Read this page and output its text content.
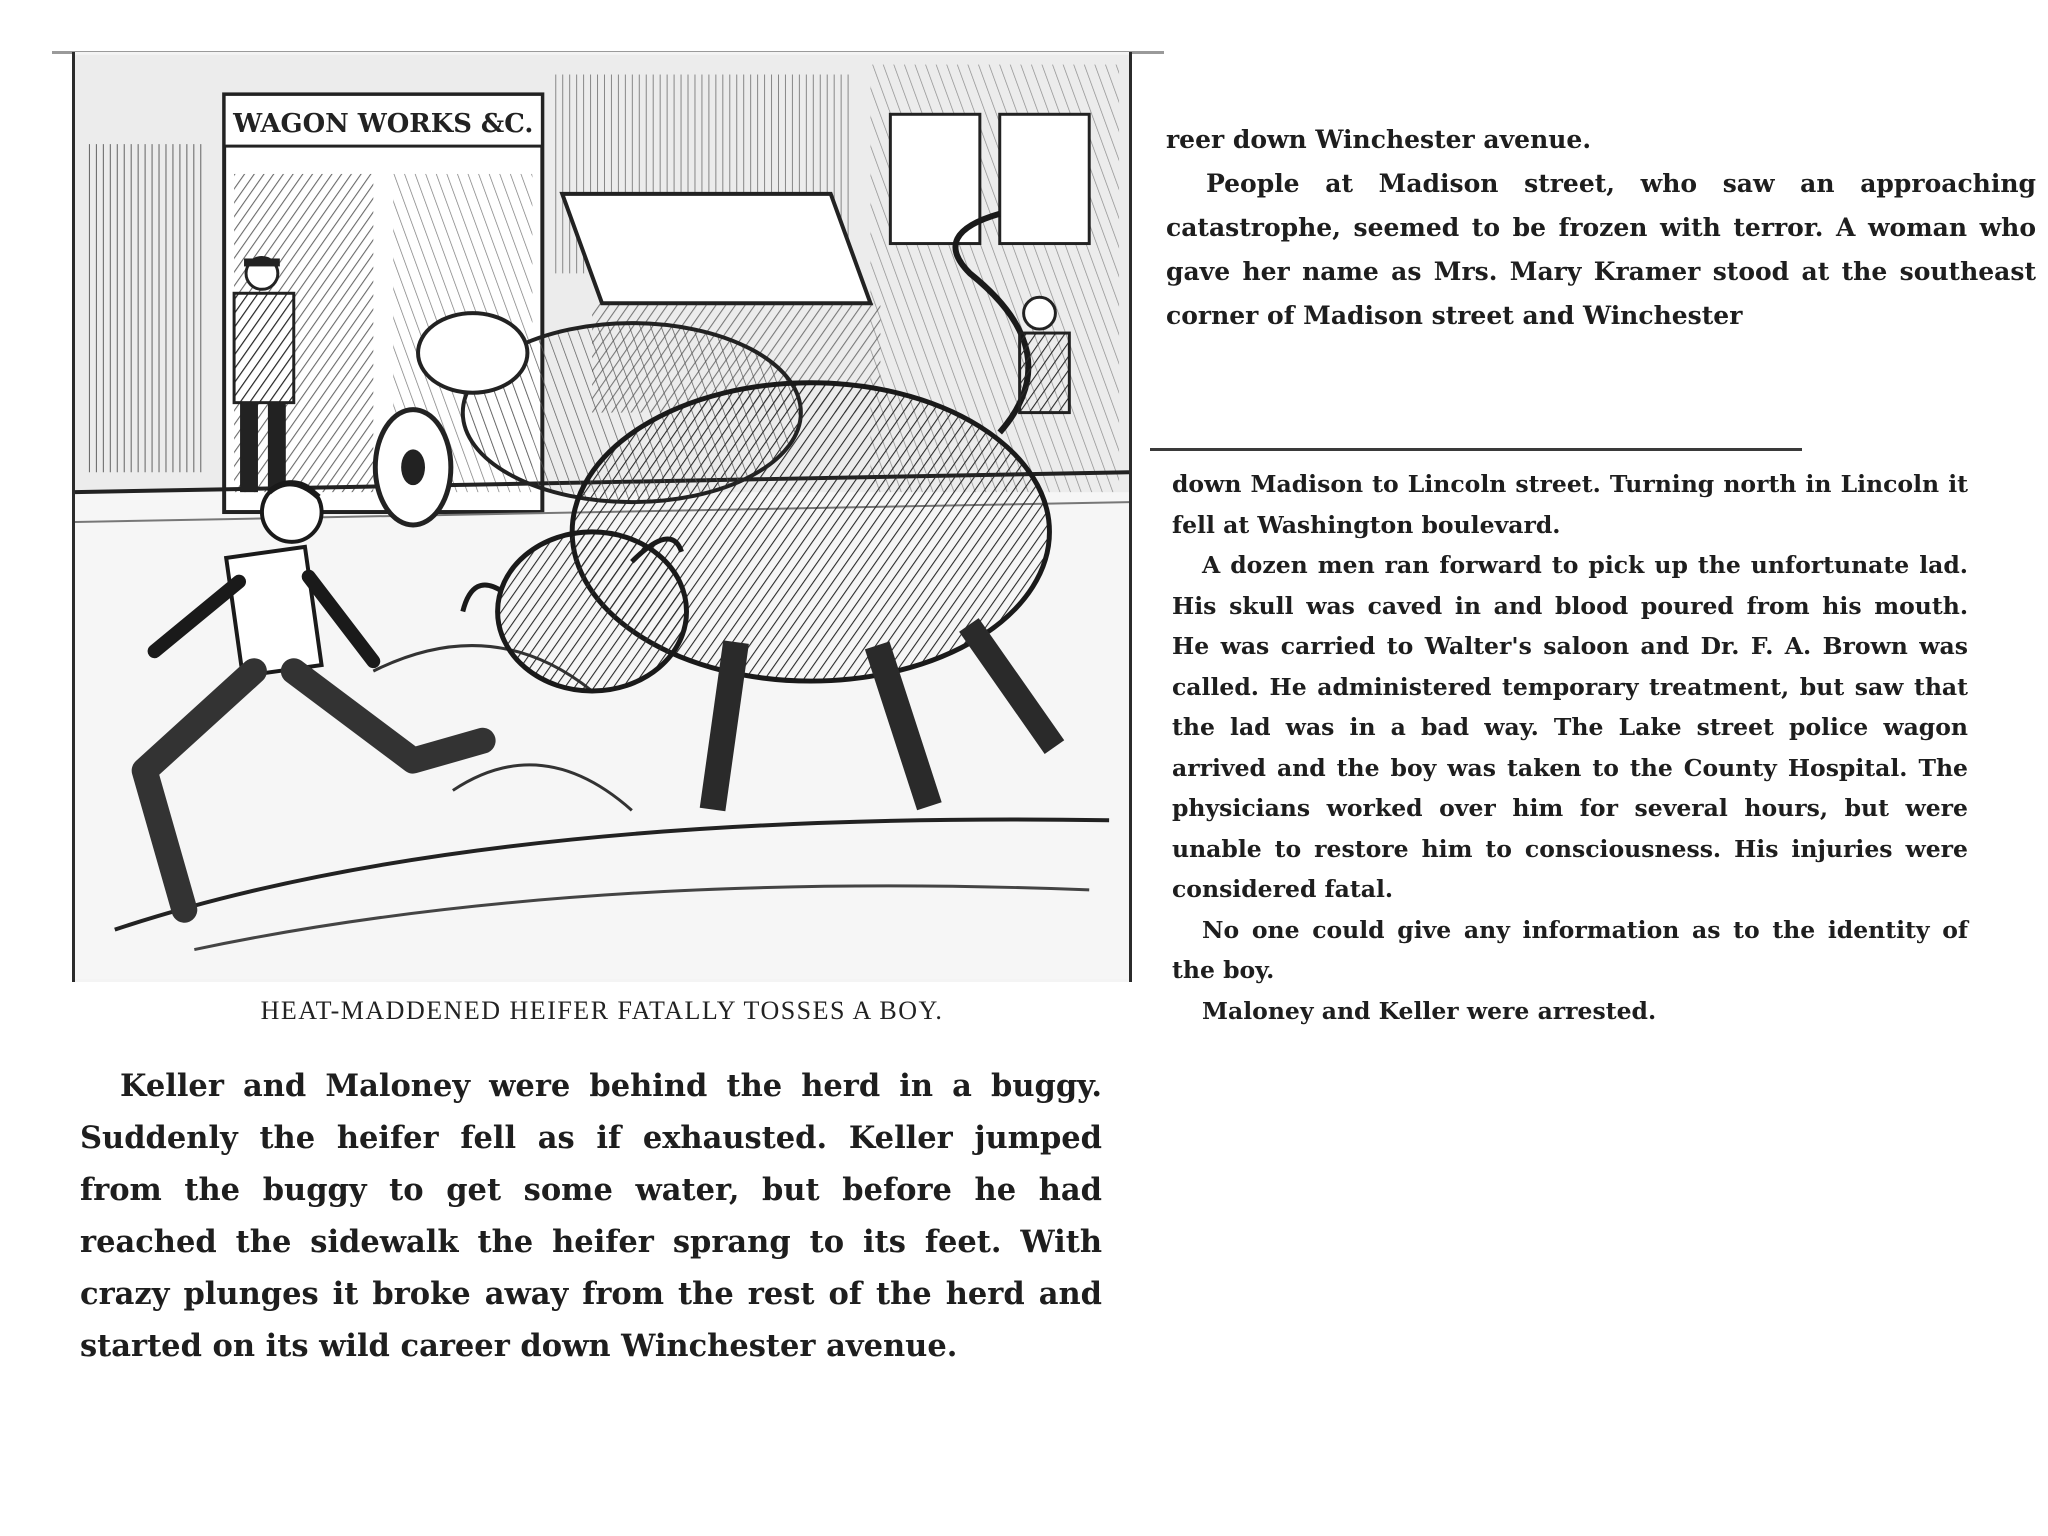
WAGON WORKS &C.
HEAT-MADDENED HEIFER FATALLY TOSSES A BOY.

Keller and Maloney were behind the herd in a buggy. Suddenly the heifer fell as if exhausted. Keller jumped from the buggy to get some water, but before he had reached the sidewalk the heifer sprang to its feet. With crazy plunges it broke away from the rest of the herd and started on its wild career down Winchester avenue.

reer down Winchester avenue.

People at Madison street, who saw an approaching catastrophe, seemed to be frozen with terror. A woman who gave her name as Mrs. Mary Kramer stood at the southeast corner of Madison street and Winchester

down Madison to Lincoln street. Turning north in Lincoln it fell at Washington boulevard.

A dozen men ran forward to pick up the unfortunate lad. His skull was caved in and blood poured from his mouth. He was carried to Walter's saloon and Dr. F. A. Brown was called. He administered temporary treatment, but saw that the lad was in a bad way. The Lake street police wagon arrived and the boy was taken to the County Hospital. The physicians worked over him for several hours, but were unable to restore him to consciousness. His injuries were considered fatal.

No one could give any information as to the identity of the boy.

Maloney and Keller were arrested.
